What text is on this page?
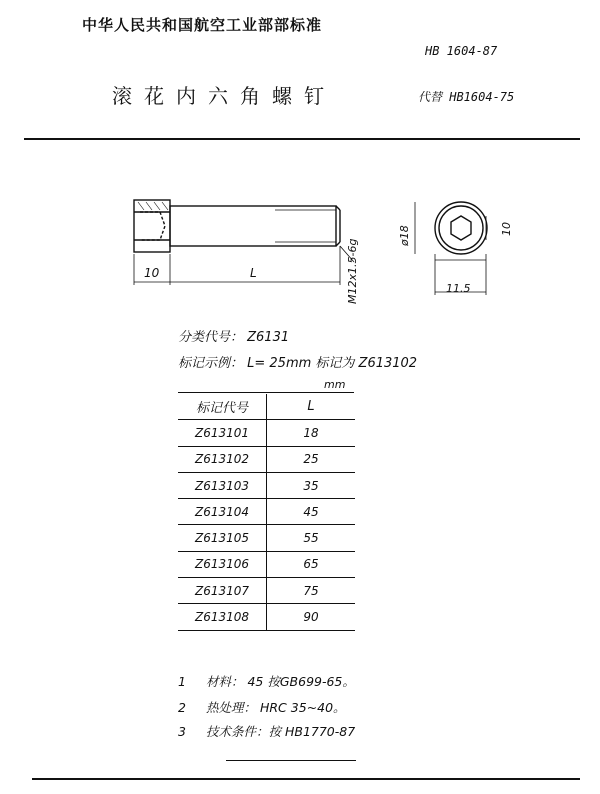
中华人民共和国航空工业部部标准
HB 1604-87
滚花内六角螺钉	代替 HB1604-75
10	L	M12x1.5-6g
ø18	10
11.5
分类代号： Z6131
标记示例： L= 25mm 标记为 Z613102
mm
标记代号	L
Z613101	18
Z613102	25
Z613103	35
Z613104	45
Z613105	55
Z613106	65
Z613107	75
Z613108	90
1 材料： 45 按GB699-65。
2 热处理： HRC 35~40。
3 技术条件：按 HB1770-87
